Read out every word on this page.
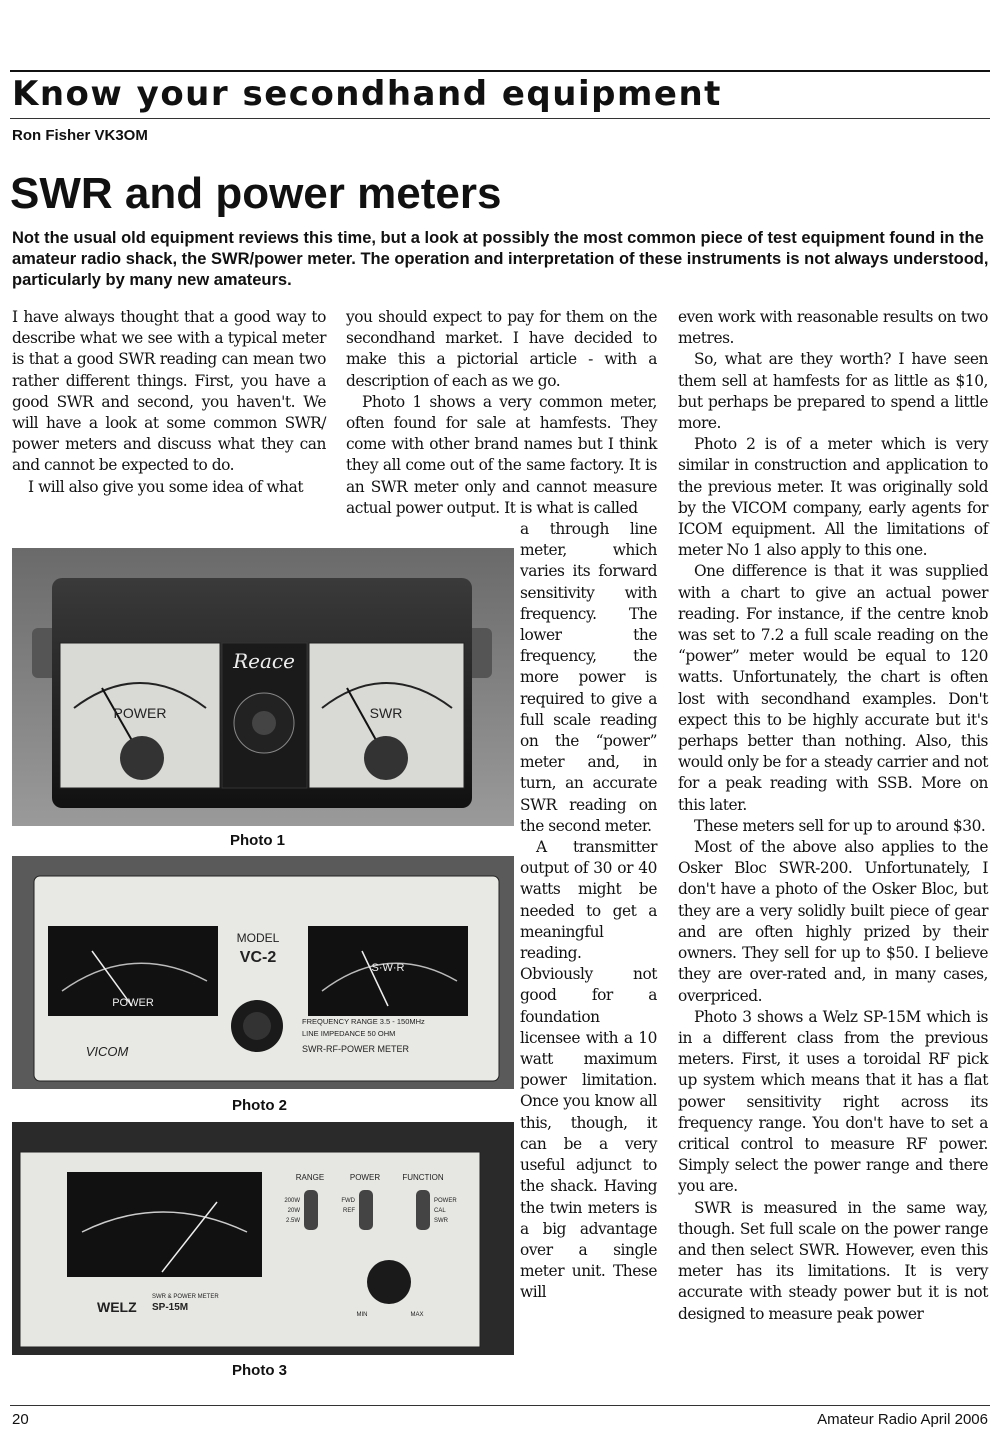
Know your secondhand equipment
Ron Fisher VK3OM
SWR and power meters
Not the usual old equipment reviews this time, but a look at possibly the most common piece of test equipment found in the amateur radio shack, the SWR/power meter. The operation and interpretation of these instruments is not always understood, particularly by many new amateurs.

I have always thought that a good way to describe what we see with a typical meter is that a good SWR reading can mean two rather different things. First, you have a good SWR and second, you haven't. We will have a look at some common SWR/ power meters and discuss what they can and cannot be expected to do.

I will also give you some idea of what

you should expect to pay for them on the secondhand market. I have decided to make this a pictorial article - with a description of each as we go.

Photo 1 shows a very common meter, often found for sale at hamfests. They come with other brand names but I think they all come out of the same factory. It is an SWR meter only and cannot measure actual power output. It is what is called

a through line meter, which varies its forward sensitivity with frequency. The lower the frequency, the more power is required to give a full scale reading on the “power” meter and, in turn, an accurate SWR reading on the second meter.

A transmitter output of 30 or 40 watts might be needed to get a meaningful reading. Obviously not good for a foundation licensee with a 10 watt maximum power limitation. Once you know all this, though, it can be a very useful adjunct to the shack. Having the twin meters is a big advantage over a single meter unit. These will

even work with reasonable results on two metres.

So, what are they worth? I have seen them sell at hamfests for as little as $10, but perhaps be prepared to spend a little more.

Photo 2 is of a meter which is very similar in construction and application to the previous meter. It was originally sold by the VICOM company, early agents for ICOM equipment. All the limitations of meter No 1 also apply to this one.

One difference is that it was supplied with a chart to give an actual power reading. For instance, if the centre knob was set to 7.2 a full scale reading on the “power” meter would be equal to 120 watts. Unfortunately, the chart is often lost with secondhand examples. Don't expect this to be highly accurate but it's perhaps better than nothing. Also, this would only be for a steady carrier and not for a peak reading with SSB. More on this later.

These meters sell for up to around $30.

Most of the above also applies to the Osker Bloc SWR-200. Unfortunately, I don't have a photo of the Osker Bloc, but they are a very solidly built piece of gear and are often highly prized by their owners. They sell for up to $50. I believe they are over-rated and, in many cases, overpriced.

Photo 3 shows a Welz SP-15M which is in a different class from the previous meters. First, it uses a toroidal RF pick up system which means that it has a flat power sensitivity right across its frequency range. You don't have to set a critical control to measure RF power. Simply select the power range and there you are.

SWR is measured in the same way, though. Set full scale on the power range and then select SWR. However, even this meter has its limitations. It is very accurate with steady power but it is not designed to measure peak power

Reace
POWER	SWR
Photo 1
MODEL
VC-2
POWER
S·W·R
VICOM
FREQUENCY RANGE 3.5 - 150MHz
LINE IMPEDANCE 50 OHM
SWR-RF-POWER METER
Photo 2
RANGE	POWER	FUNCTION
200W
20W
2.5W
FWD
REF
POWER
CAL
SWR
MIN	MAX
WELZ
SWR & POWER METER
SP-15M
Photo 3
20	Amateur Radio April 2006
